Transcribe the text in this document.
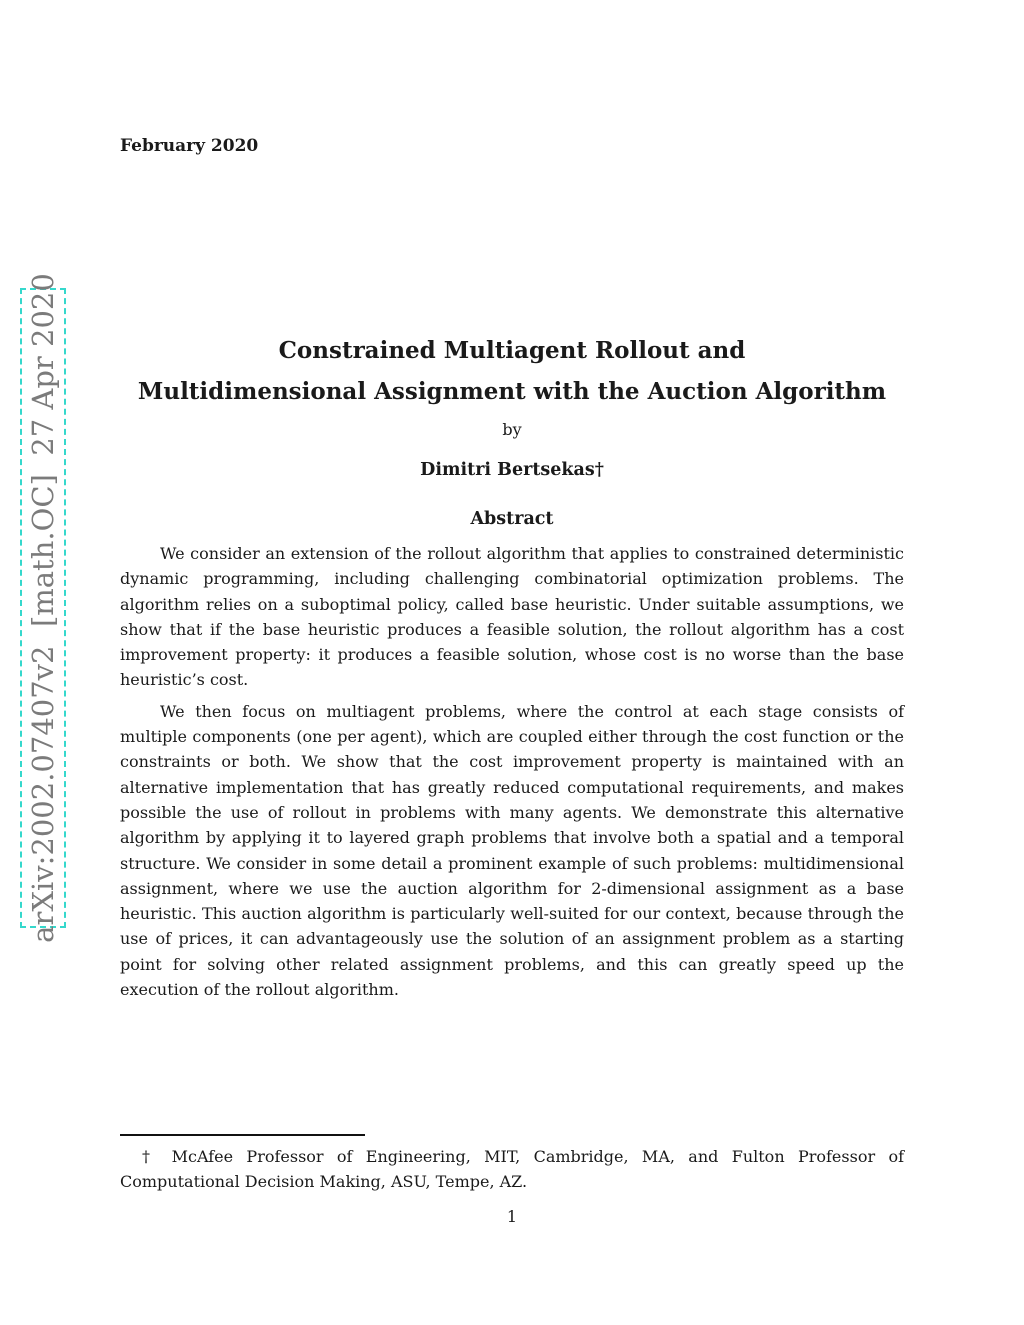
February 2020
arXiv:2002.07407v2  [math.OC]  27 Apr 2020	Constrained Multiagent Rollout and
Multidimensional Assignment with the Auction Algorithm
by
Dimitri Bertsekas†
Abstract

We consider an extension of the rollout algorithm that applies to constrained deterministic dynamic programming, including challenging combinatorial optimization problems. The algorithm relies on a suboptimal policy, called base heuristic. Under suitable assumptions, we show that if the base heuristic produces a feasible solution, the rollout algorithm has a cost improvement property: it produces a feasible solution, whose cost is no worse than the base heuristic’s cost.

We then focus on multiagent problems, where the control at each stage consists of multiple components (one per agent), which are coupled either through the cost function or the constraints or both. We show that the cost improvement property is maintained with an alternative implementation that has greatly reduced computational requirements, and makes possible the use of rollout in problems with many agents. We demonstrate this alternative algorithm by applying it to layered graph problems that involve both a spatial and a temporal structure. We consider in some detail a prominent example of such problems: multidimensional assignment, where we use the auction algorithm for 2-dimensional assignment as a base heuristic. This auction algorithm is particularly well-suited for our context, because through the use of prices, it can advantageously use the solution of an assignment problem as a starting point for solving other related assignment problems, and this can greatly speed up the execution of the rollout algorithm.

† McAfee Professor of Engineering, MIT, Cambridge, MA, and Fulton Professor of Computational Decision Making, ASU, Tempe, AZ.
1
